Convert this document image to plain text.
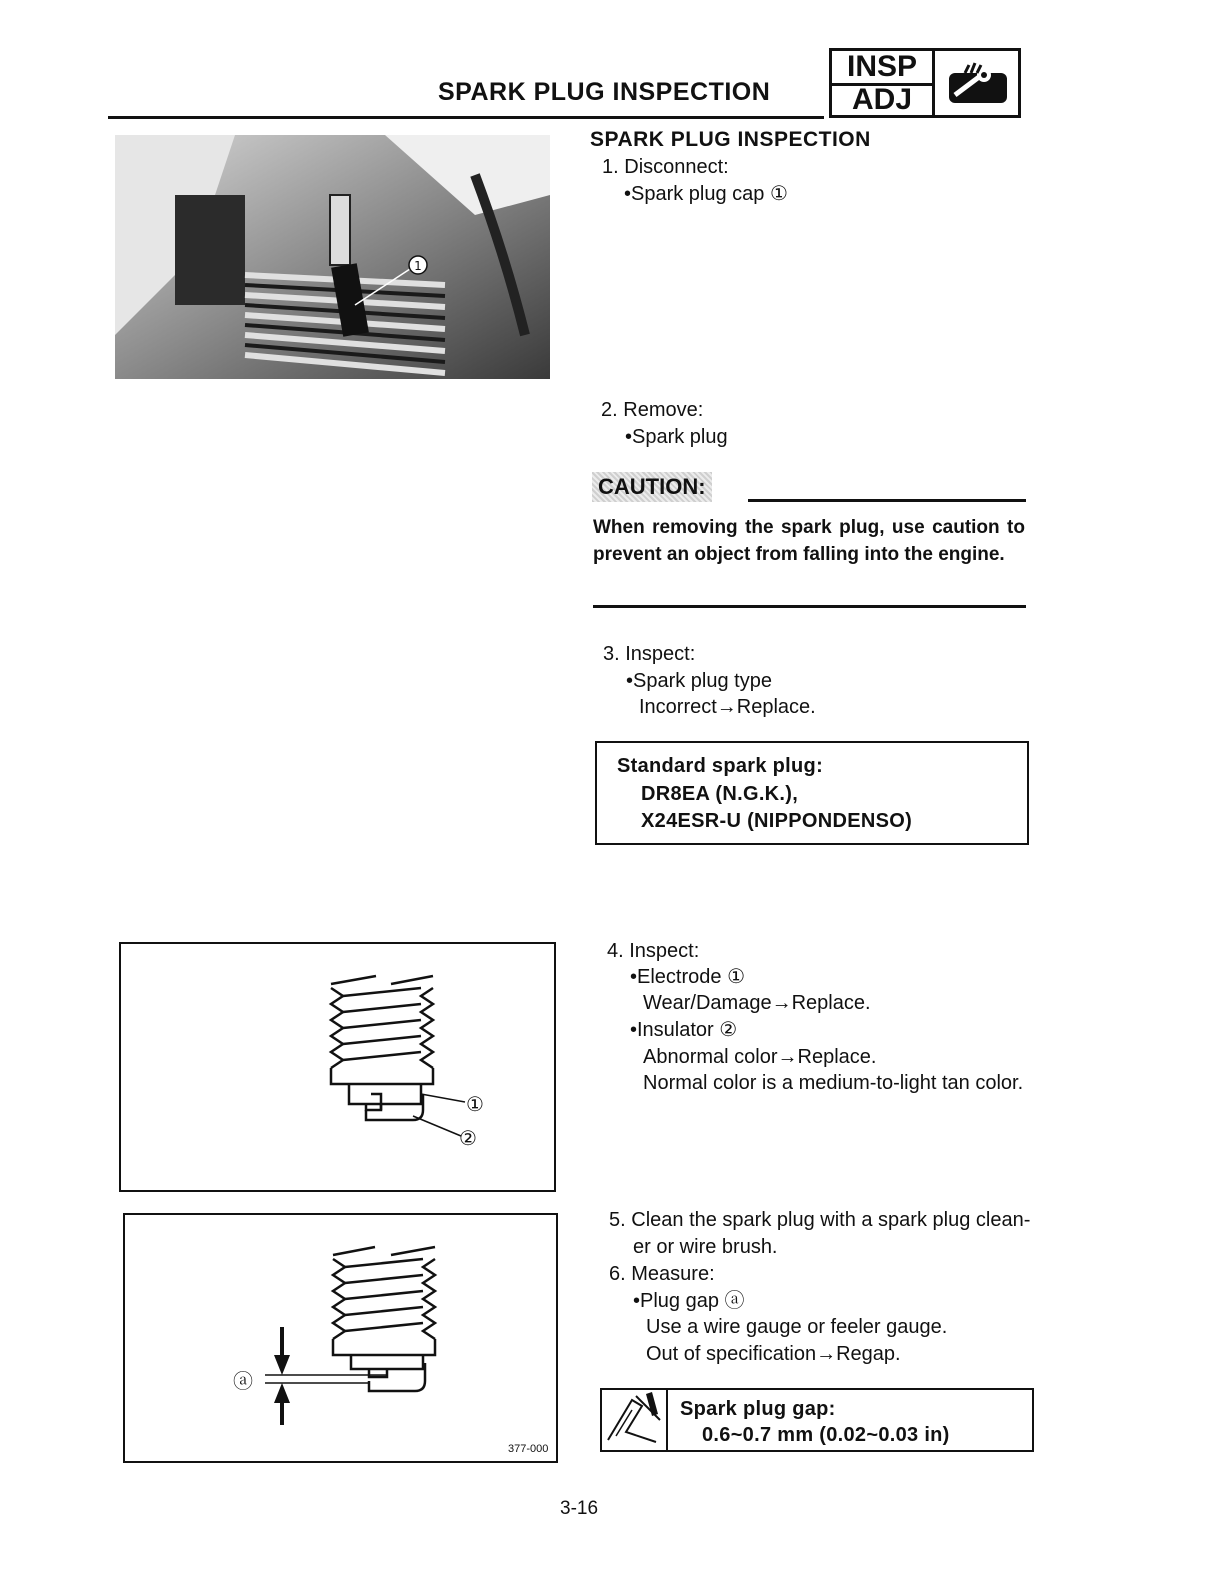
SPARK PLUG INSPECTION
INSP
ADJ
1
SPARK PLUG INSPECTION
1. Disconnect:
•Spark plug cap ①
2. Remove:
•Spark plug
CAUTION:
When removing the spark plug, use caution to prevent an object from falling into the engine.
3. Inspect:
•Spark plug type
Incorrect→Replace.
Standard spark plug:
DR8EA (N.G.K.),
X24ESR-U (NIPPONDENSO)
4. Inspect:
•Electrode ①
Wear/Damage→Replace.
•Insulator ②
Abnormal color→Replace.
Normal color is a medium-to-light tan color.
5. Clean the spark plug with a spark plug clean-
er or wire brush.
6. Measure:
•Plug gap ⓐ
Use a wire gauge or feeler gauge.
Out of specification→Regap.
Spark plug gap:
0.6~0.7 mm (0.02~0.03 in)
①
②
ⓐ
377-000
3-16
